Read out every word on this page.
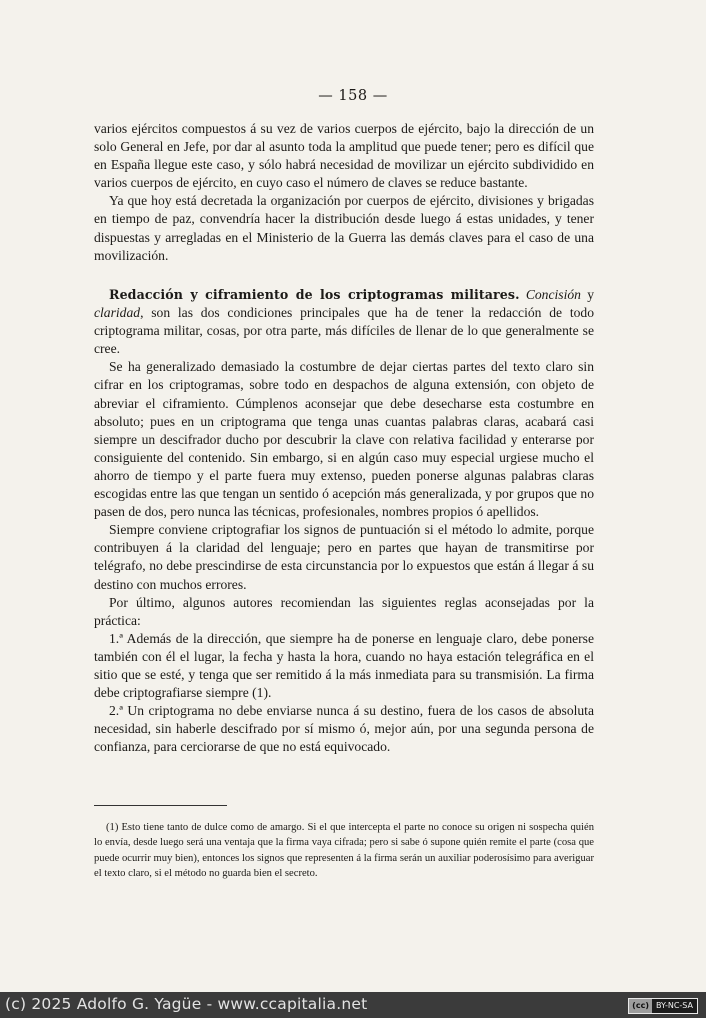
— 158 —

varios ejércitos compuestos á su vez de varios cuerpos de ejército, bajo la dirección de un solo General en Jefe, por dar al asunto toda la amplitud que puede tener; pero es difícil que en España llegue este caso, y sólo habrá necesidad de movilizar un ejército subdividido en varios cuerpos de ejército, en cuyo caso el número de claves se reduce bastante.

Ya que hoy está decretada la organización por cuerpos de ejército, divisiones y brigadas en tiempo de paz, convendría hacer la distribución desde luego á estas unidades, y tener dispuestas y arregladas en el Ministerio de la Guerra las demás claves para el caso de una movilización.

Redacción y ciframiento de los criptogramas militares. Concisión y claridad, son las dos condiciones principales que ha de tener la redacción de todo criptograma militar, cosas, por otra parte, más difíciles de llenar de lo que generalmente se cree.

Se ha generalizado demasiado la costumbre de dejar ciertas partes del texto claro sin cifrar en los criptogramas, sobre todo en despachos de alguna extensión, con objeto de abreviar el ciframiento. Cúmplenos aconsejar que debe desecharse esta costumbre en absoluto; pues en un criptograma que tenga unas cuantas palabras claras, acabará casi siempre un descifrador ducho por descubrir la clave con relativa facilidad y enterarse por consiguiente del contenido. Sin embargo, si en algún caso muy especial urgiese mucho el ahorro de tiempo y el parte fuera muy extenso, pueden ponerse algunas palabras claras escogidas entre las que tengan un sentido ó acepción más generalizada, y por grupos que no pasen de dos, pero nunca las técnicas, profesionales, nombres propios ó apellidos.

Siempre conviene criptografiar los signos de puntuación si el método lo admite, porque contribuyen á la claridad del lenguaje; pero en partes que hayan de transmitirse por telégrafo, no debe prescindirse de esta circunstancia por lo expuestos que están á llegar á su destino con muchos errores.

Por último, algunos autores recomiendan las siguientes reglas aconsejadas por la práctica:

1.ª Además de la dirección, que siempre ha de ponerse en lenguaje claro, debe ponerse también con él el lugar, la fecha y hasta la hora, cuando no haya estación telegráfica en el sitio que se esté, y tenga que ser remitido á la más inmediata para su transmisión. La firma debe criptografiarse siempre (1).

2.ª Un criptograma no debe enviarse nunca á su destino, fuera de los casos de absoluta necesidad, sin haberle descifrado por sí mismo ó, mejor aún, por una segunda persona de confianza, para cerciorarse de que no está equivocado.

(1) Esto tiene tanto de dulce como de amargo. Si el que intercepta el parte no conoce su origen ni sospecha quién lo envía, desde luego será una ventaja que la firma vaya cifrada; pero si sabe ó supone quién remite el parte (cosa que puede ocurrir muy bien), entonces los signos que representen á la firma serán un auxiliar poderosísimo para averiguar el texto claro, si el método no guarda bien el secreto.
(c) 2025 Adolfo G. Yagüe - www.ccapitalia.net	(cc) BY-NC-SA
